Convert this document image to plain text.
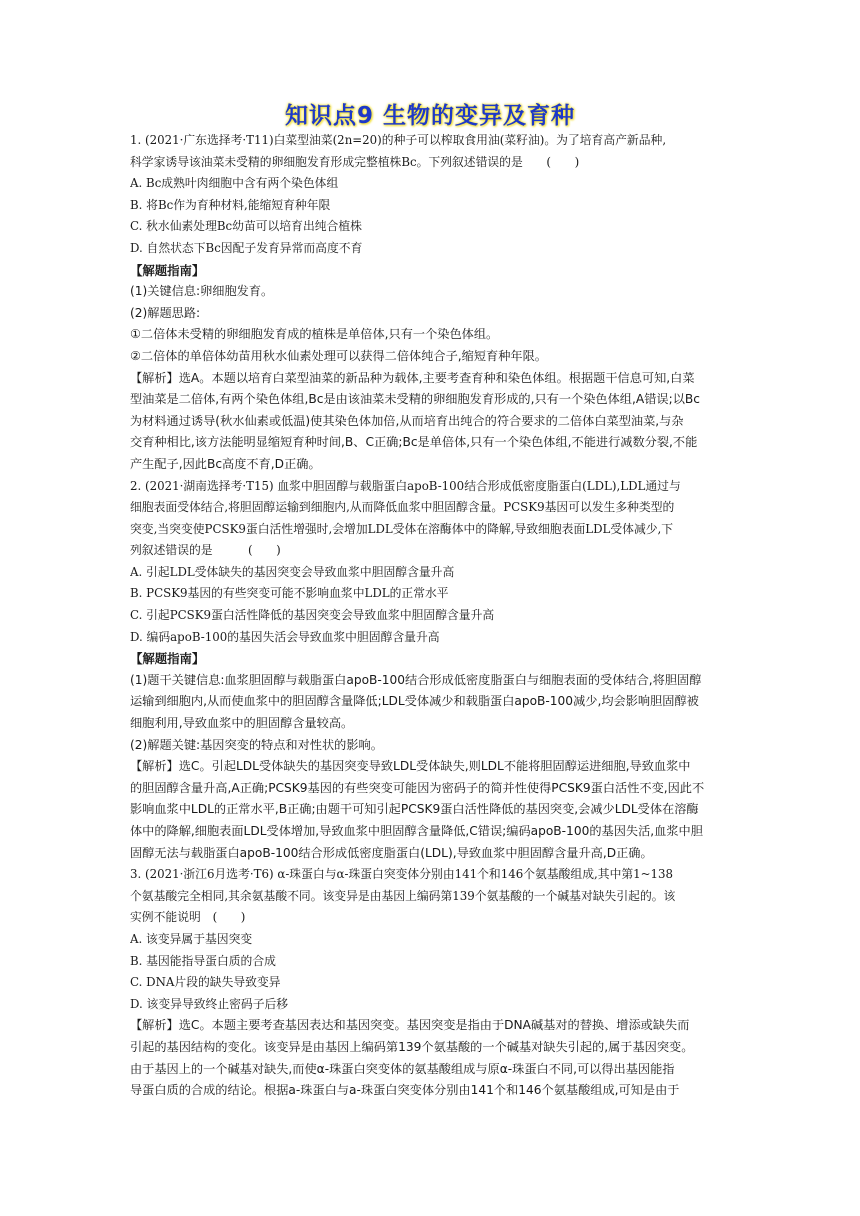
知识点9 生物的变异及育种
1. (2021·广东选择考·T11)白菜型油菜(2n=20)的种子可以榨取食用油(菜籽油)。为了培育高产新品种,
科学家诱导该油菜未受精的卵细胞发育形成完整植株Bc。下列叙述错误的是　　(　　)
A. Bc成熟叶肉细胞中含有两个染色体组
B. 将Bc作为育种材料,能缩短育种年限
C. 秋水仙素处理Bc幼苗可以培育出纯合植株
D. 自然状态下Bc因配子发育异常而高度不育
【解题指南】
(1)关键信息:卵细胞发育。
(2)解题思路:
①二倍体未受精的卵细胞发育成的植株是单倍体,只有一个染色体组。
②二倍体的单倍体幼苗用秋水仙素处理可以获得二倍体纯合子,缩短育种年限。
【解析】选A。本题以培育白菜型油菜的新品种为载体,主要考查育种和染色体组。根据题干信息可知,白菜
型油菜是二倍体,有两个染色体组,Bc是由该油菜未受精的卵细胞发育形成的,只有一个染色体组,A错误;以Bc
为材料通过诱导(秋水仙素或低温)使其染色体加倍,从而培育出纯合的符合要求的二倍体白菜型油菜,与杂
交育种相比,该方法能明显缩短育种时间,B、C正确;Bc是单倍体,只有一个染色体组,不能进行减数分裂,不能
产生配子,因此Bc高度不育,D正确。
2. (2021·湖南选择考·T15) 血浆中胆固醇与载脂蛋白apoB-100结合形成低密度脂蛋白(LDL),LDL通过与
细胞表面受体结合,将胆固醇运输到细胞内,从而降低血浆中胆固醇含量。PCSK9基因可以发生多种类型的
突变,当突变使PCSK9蛋白活性增强时,会增加LDL受体在溶酶体中的降解,导致细胞表面LDL受体减少,下
列叙述错误的是　　　(　　)
A. 引起LDL受体缺失的基因突变会导致血浆中胆固醇含量升高
B. PCSK9基因的有些突变可能不影响血浆中LDL的正常水平
C. 引起PCSK9蛋白活性降低的基因突变会导致血浆中胆固醇含量升高
D. 编码apoB-100的基因失活会导致血浆中胆固醇含量升高
【解题指南】
(1)题干关键信息:血浆胆固醇与载脂蛋白apoB-100结合形成低密度脂蛋白与细胞表面的受体结合,将胆固醇
运输到细胞内,从而使血浆中的胆固醇含量降低;LDL受体减少和载脂蛋白apoB-100减少,均会影响胆固醇被
细胞利用,导致血浆中的胆固醇含量较高。
(2)解题关键:基因突变的特点和对性状的影响。
【解析】选C。引起LDL受体缺失的基因突变导致LDL受体缺失,则LDL不能将胆固醇运进细胞,导致血浆中
的胆固醇含量升高,A正确;PCSK9基因的有些突变可能因为密码子的简并性使得PCSK9蛋白活性不变,因此不
影响血浆中LDL的正常水平,B正确;由题干可知引起PCSK9蛋白活性降低的基因突变,会减少LDL受体在溶酶
体中的降解,细胞表面LDL受体增加,导致血浆中胆固醇含量降低,C错误;编码apoB-100的基因失活,血浆中胆
固醇无法与载脂蛋白apoB-100结合形成低密度脂蛋白(LDL),导致血浆中胆固醇含量升高,D正确。
3. (2021·浙江6月选考·T6) α-珠蛋白与α-珠蛋白突变体分别由141个和146个氨基酸组成,其中第1~138
个氨基酸完全相同,其余氨基酸不同。该变异是由基因上编码第139个氨基酸的一个碱基对缺失引起的。该
实例不能说明　(　　)
A. 该变异属于基因突变
B. 基因能指导蛋白质的合成
C. DNA片段的缺失导致变异
D. 该变异导致终止密码子后移
【解析】选C。本题主要考查基因表达和基因突变。基因突变是指由于DNA碱基对的替换、增添或缺失而
引起的基因结构的变化。该变异是由基因上编码第139个氨基酸的一个碱基对缺失引起的,属于基因突变。
由于基因上的一个碱基对缺失,而使α-珠蛋白突变体的氨基酸组成与原α-珠蛋白不同,可以得出基因能指
导蛋白质的合成的结论。根据a-珠蛋白与a-珠蛋白突变体分别由141个和146个氨基酸组成,可知是由于
